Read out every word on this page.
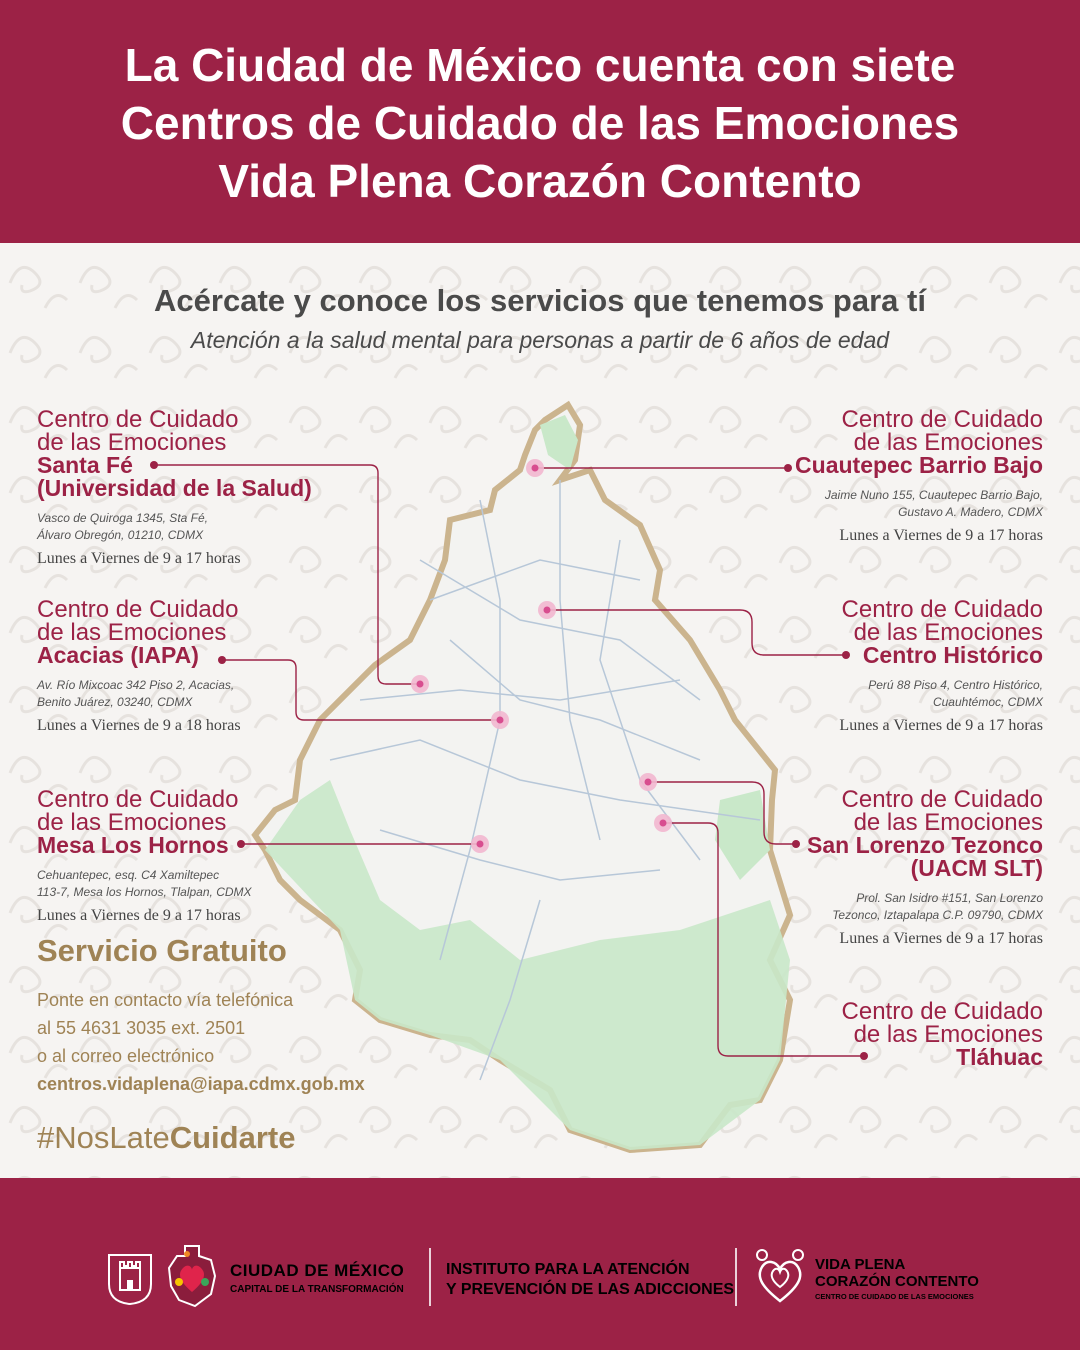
La Ciudad de México cuenta con siete
Centros de Cuidado de las Emociones
Vida Plena Corazón Contento
Acércate y conoce los servicios que tenemos para tí
Atención a la salud mental para personas a partir de 6 años de edad
Centro de Cuidado
de las Emociones
Santa Fé
(Universidad de la Salud)
Vasco de Quiroga 1345, Sta Fé,
Álvaro Obregón, 01210, CDMX
Lunes a Viernes de 9 a 17 horas
Centro de Cuidado
de las Emociones
Acacias (IAPA)
Av. Río Mixcoac 342 Piso 2, Acacias,
Benito Juárez, 03240, CDMX
Lunes a Viernes de 9 a 18 horas
Centro de Cuidado
de las Emociones
Mesa Los Hornos
Cehuantepec, esq. C4 Xamiltepec
113-7, Mesa los Hornos, Tlalpan, CDMX
Lunes a Viernes de 9 a 17 horas
Centro de Cuidado
de las Emociones
Cuautepec Barrio Bajo
Jaime Nuno 155, Cuautepec Barrio Bajo,
Gustavo A. Madero, CDMX
Lunes a Viernes de 9 a 17 horas
Centro de Cuidado
de las Emociones
Centro Histórico
Perú 88 Piso 4, Centro Histórico,
Cuauhtémoc, CDMX
Lunes a Viernes de 9 a 17 horas
Centro de Cuidado
de las Emociones
San Lorenzo Tezonco
(UACM SLT)
Prol. San Isidro #151, San Lorenzo
Tezonco, Iztapalapa C.P. 09790, CDMX
Lunes a Viernes de 9 a 17 horas
Centro de Cuidado
de las Emociones
Tláhuac
Servicio Gratuito
Ponte en contacto vía telefónica
al 55 4631 3035 ext. 2501
o al correo electrónico
centros.vidaplena@iapa.cdmx.gob.mx
#NosLateCuidarte
CIUDAD DE MÉXICO
CAPITAL DE LA TRANSFORMACIÓN
INSTITUTO PARA LA ATENCIÓN
Y PREVENCIÓN DE LAS ADICCIONES
VIDA PLENA
CORAZÓN CONTENTO
CENTRO DE CUIDADO DE LAS EMOCIONES
